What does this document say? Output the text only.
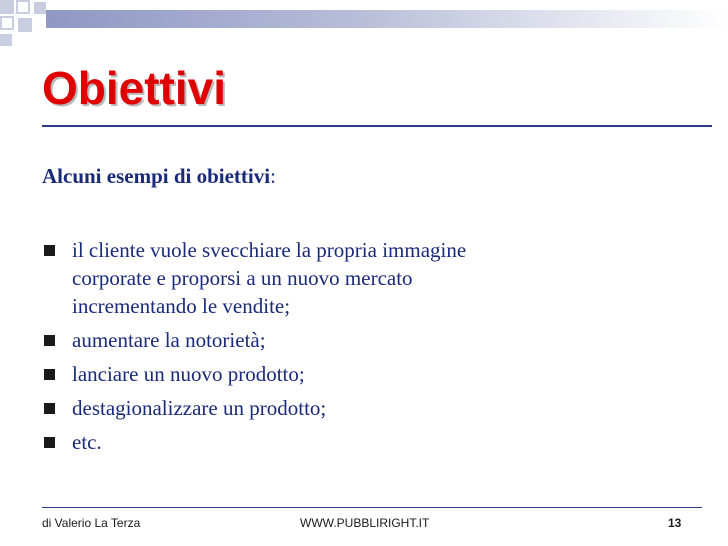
Obiettivi
Alcuni esempi di obiettivi:
il cliente vuole svecchiare la propria immagine
corporate e proporsi a un nuovo mercato
incrementando le vendite;
aumentare la notorietà;
lanciare un nuovo prodotto;
destagionalizzare un prodotto;
etc.
di Valerio La Terza	WWW.PUBBLIRIGHT.IT	13
